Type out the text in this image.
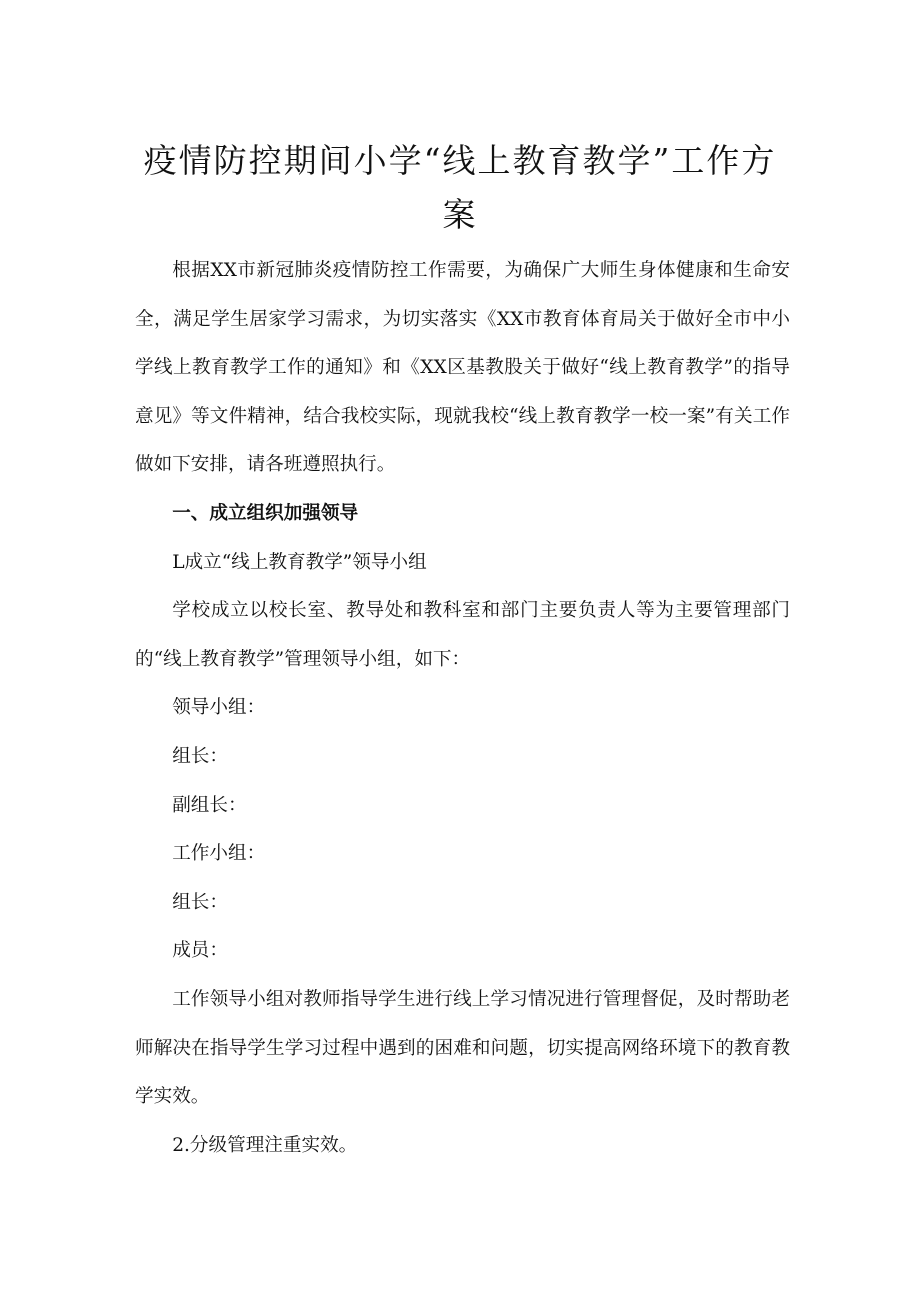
疫情防控期间小学“线上教育教学”工作方案

根据XX市新冠肺炎疫情防控工作需要，为确保广大师生身体健康和生命安全，满足学生居家学习需求，为切实落实《XX市教育体育局关于做好全市中小学线上教育教学工作的通知》和《XX区基教股关于做好“线上教育教学”的指导意见》等文件精神，结合我校实际，现就我校“线上教育教学一校一案”有关工作做如下安排，请各班遵照执行。

一、成立组织加强领导

L成立“线上教育教学”领导小组

学校成立以校长室、教导处和教科室和部门主要负责人等为主要管理部门的“线上教育教学”管理领导小组，如下：

领导小组：

组长：

副组长：

工作小组：

组长：

成员：

工作领导小组对教师指导学生进行线上学习情况进行管理督促，及时帮助老师解决在指导学生学习过程中遇到的困难和问题，切实提高网络环境下的教育教学实效。

2.分级管理注重实效。
